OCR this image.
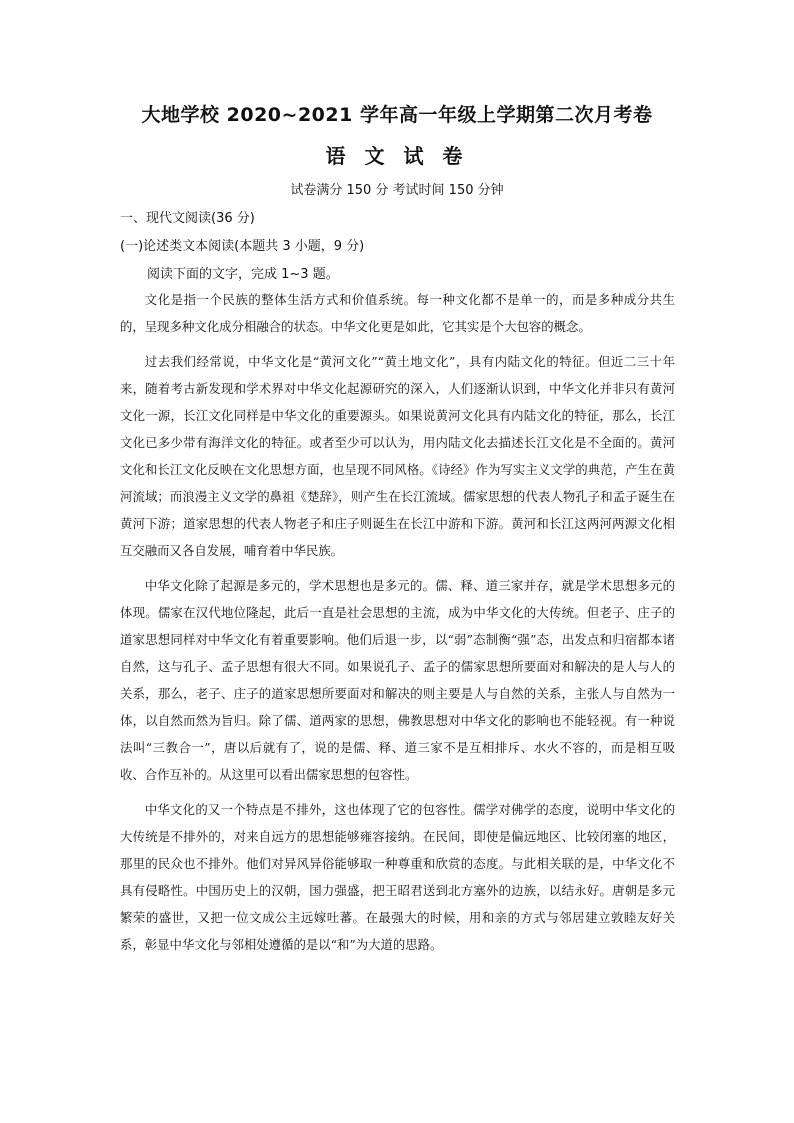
大地学校 2020~2021 学年高一年级上学期第二次月考卷
语 文 试 卷
试卷满分 150 分 考试时间 150 分钟
一、现代文阅读(36 分)
(一)论述类文本阅读(本题共 3 小题，9 分)
阅读下面的文字，完成 1~3 题。

文化是指一个民族的整体生活方式和价值系统。每一种文化都不是单一的，而是多种成分共生的，呈现多种文化成分相融合的状态。中华文化更是如此，它其实是个大包容的概念。

过去我们经常说，中华文化是“黄河文化”“黄土地文化”，具有内陆文化的特征。但近二三十年来，随着考古新发现和学术界对中华文化起源研究的深入，人们逐渐认识到，中华文化并非只有黄河文化一源，长江文化同样是中华文化的重要源头。如果说黄河文化具有内陆文化的特征，那么，长江文化已多少带有海洋文化的特征。或者至少可以认为，用内陆文化去描述长江文化是不全面的。黄河文化和长江文化反映在文化思想方面，也呈现不同风格。《诗经》作为写实主义文学的典范，产生在黄河流域；而浪漫主义文学的鼻祖《楚辞》，则产生在长江流域。儒家思想的代表人物孔子和孟子诞生在黄河下游；道家思想的代表人物老子和庄子则诞生在长江中游和下游。黄河和长江这两河两源文化相互交融而又各自发展，哺育着中华民族。

中华文化除了起源是多元的，学术思想也是多元的。儒、释、道三家并存，就是学术思想多元的体现。儒家在汉代地位隆起，此后一直是社会思想的主流，成为中华文化的大传统。但老子、庄子的道家思想同样对中华文化有着重要影响。他们后退一步，以“弱”态制衡“强”态，出发点和归宿都本诸自然，这与孔子、孟子思想有很大不同。如果说孔子、孟子的儒家思想所要面对和解决的是人与人的关系，那么，老子、庄子的道家思想所要面对和解决的则主要是人与自然的关系，主张人与自然为一体，以自然而然为旨归。除了儒、道两家的思想，佛教思想对中华文化的影响也不能轻视。有一种说法叫“三教合一”，唐以后就有了，说的是儒、释、道三家不是互相排斥、水火不容的，而是相互吸收、合作互补的。从这里可以看出儒家思想的包容性。

中华文化的又一个特点是不排外，这也体现了它的包容性。儒学对佛学的态度，说明中华文化的大传统是不排外的，对来自远方的思想能够雍容接纳。在民间，即使是偏远地区、比较闭塞的地区，那里的民众也不排外。他们对异风异俗能够取一种尊重和欣赏的态度。与此相关联的是，中华文化不具有侵略性。中国历史上的汉朝，国力强盛，把王昭君送到北方塞外的边族，以结永好。唐朝是多元繁荣的盛世，又把一位文成公主远嫁吐蕃。在最强大的时候，用和亲的方式与邻居建立敦睦友好关系，彰显中华文化与邻相处遵循的是以“和”为大道的思路。
